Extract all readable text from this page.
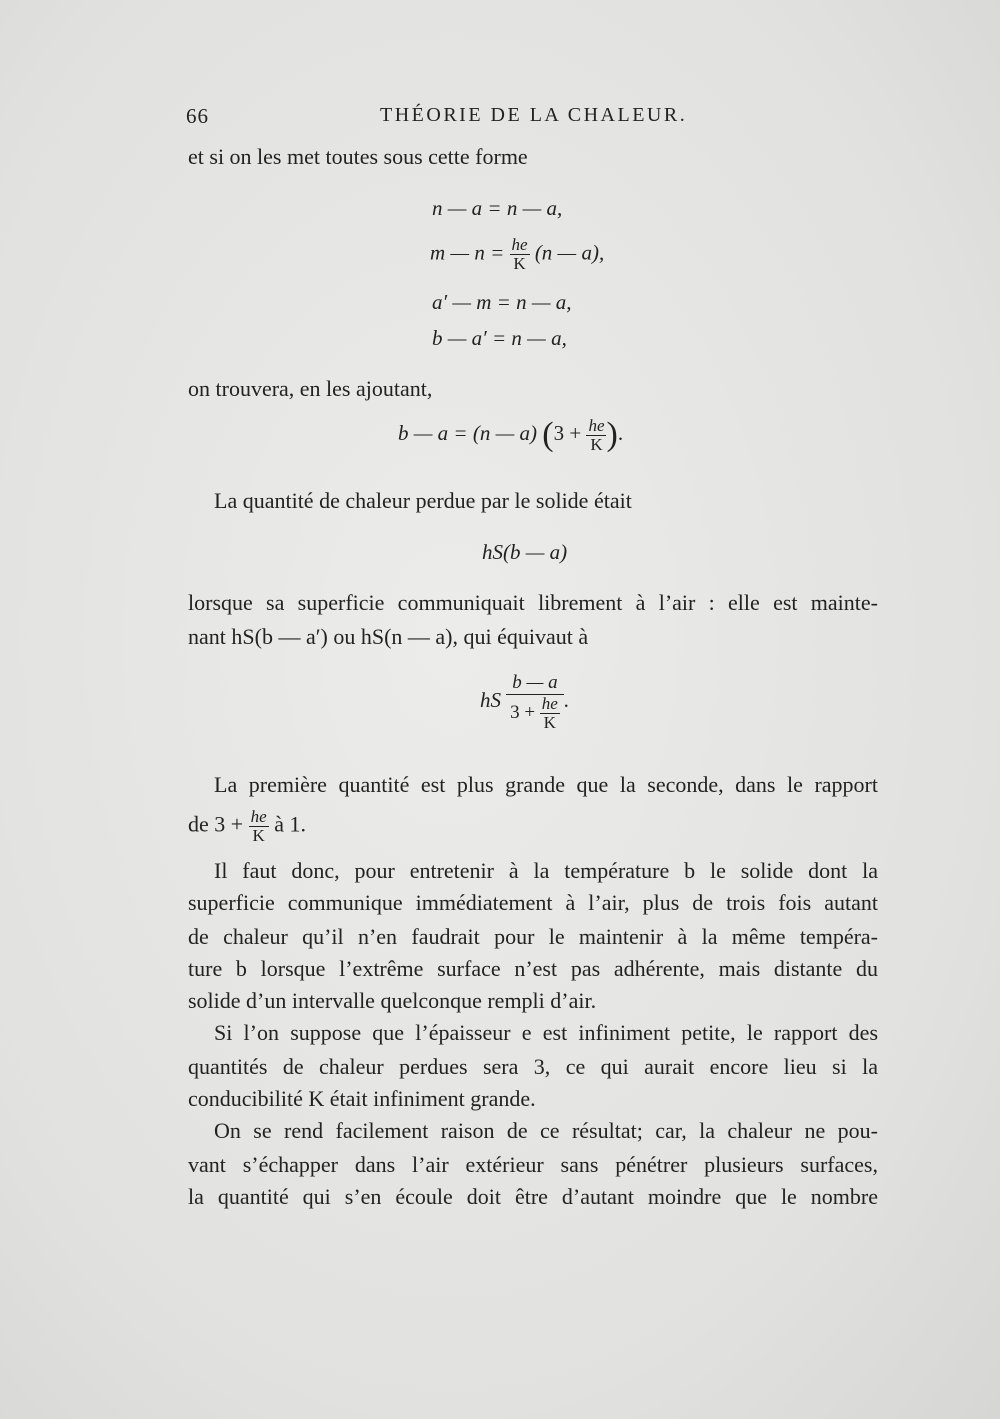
66	THÉORIE DE LA CHALEUR.
et si on les met toutes sous cette forme
n — a = n — a,
m — $n = \frac{he}{K} (n$ — a),
a′ — m = n — a,
b — a′ = n — a,
on trouvera, en les ajoutant,
b — a = (n — a) ($3 + \frac{he}{K}$ ).
La quantité de chaleur perdue par le solide était
hS(b — a)
lorsque sa superficie communiquait librement à l’air : elle est mainte-
nant hS(b — a′) ou hS(n — a), qui équivaut à
hS $\frac{b — a}{3 + \frac{he}{K}}$ .
La première quantité est plus grande que la seconde, dans le rapport
de $3 + \frac{he}{K}$ à 1.
Il faut donc, pour entretenir à la température b le solide dont la
superficie communique immédiatement à l’air, plus de trois fois autant
de chaleur qu’il n’en faudrait pour le maintenir à la même tempéra-
ture b lorsque l’extrême surface n’est pas adhérente, mais distante du
solide d’un intervalle quelconque rempli d’air.
Si l’on suppose que l’épaisseur e est infiniment petite, le rapport des
quantités de chaleur perdues sera 3, ce qui aurait encore lieu si la
conducibilité K était infiniment grande.
On se rend facilement raison de ce résultat; car, la chaleur ne pou-
vant s’échapper dans l’air extérieur sans pénétrer plusieurs surfaces,
la quantité qui s’en écoule doit être d’autant moindre que le nombre
